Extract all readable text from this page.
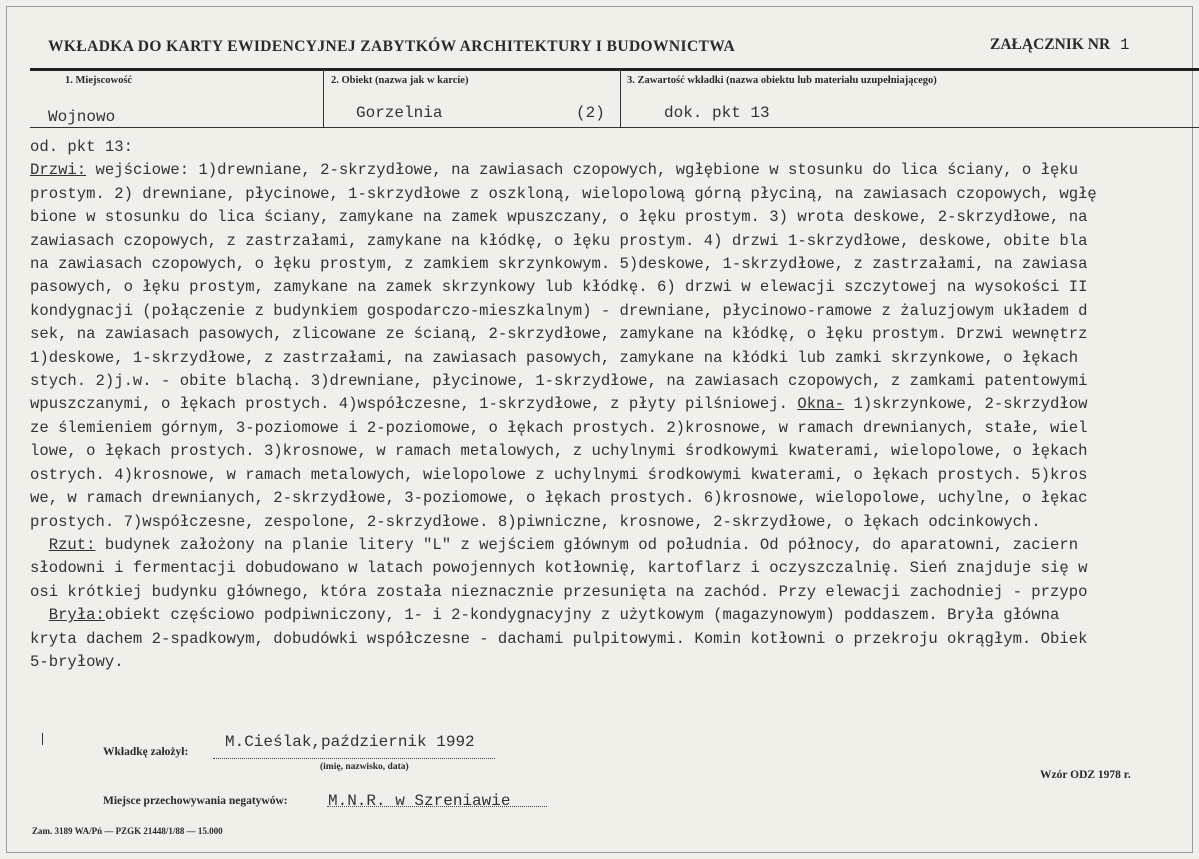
WKŁADKA DO KARTY EWIDENCYJNEJ ZABYTKÓW ARCHITEKTURY I BUDOWNICTWA	ZAŁĄCZNIK NR 1
1. Miejscowość	2. Obiekt (nazwa jak w karcie)	3. Zawartość wkładki (nazwa obiektu lub materiału uzupełniającego)
Wojnowo	Gorzelnia	(2)	dok. pkt 13
od. pkt 13:
Drzwi: wejściowe: 1)drewniane, 2-skrzydłowe, na zawiasach czopowych, wgłębione w stosunku do lica ściany, o łęku
prostym. 2) drewniane, płycinowe, 1-skrzydłowe z oszkloną, wielopolową górną płyciną, na zawiasach czopowych, wgłę
bione w stosunku do lica ściany, zamykane na zamek wpuszczany, o łęku prostym. 3) wrota deskowe, 2-skrzydłowe, na
zawiasach czopowych, z zastrzałami, zamykane na kłódkę, o łęku prostym. 4) drzwi 1-skrzydłowe, deskowe, obite bla
na zawiasach czopowych, o łęku prostym, z zamkiem skrzynkowym. 5)deskowe, 1-skrzydłowe, z zastrzałami, na zawiasa
pasowych, o łęku prostym, zamykane na zamek skrzynkowy lub kłódkę. 6) drzwi w elewacji szczytowej na wysokości II
kondygnacji (połączenie z budynkiem gospodarczo-mieszkalnym) - drewniane, płycinowo-ramowe z żaluzjowym układem d
sek, na zawiasach pasowych, zlicowane ze ścianą, 2-skrzydłowe, zamykane na kłódkę, o łęku prostym. Drzwi wewnętrz
1)deskowe, 1-skrzydłowe, z zastrzałami, na zawiasach pasowych, zamykane na kłódki lub zamki skrzynkowe, o łękach
stych. 2)j.w. - obite blachą. 3)drewniane, płycinowe, 1-skrzydłowe, na zawiasach czopowych, z zamkami patentowymi
wpuszczanymi, o łękach prostych. 4)współczesne, 1-skrzydłowe, z płyty pilśniowej. Okna- 1)skrzynkowe, 2-skrzydłow
ze ślemieniem górnym, 3-poziomowe i 2-poziomowe, o łękach prostych. 2)krosnowe, w ramach drewnianych, stałe, wiel
lowe, o łękach prostych. 3)krosnowe, w ramach metalowych, z uchylnymi środkowymi kwaterami, wielopolowe, o łękach
ostrych. 4)krosnowe, w ramach metalowych, wielopolowe z uchylnymi środkowymi kwaterami, o łękach prostych. 5)kros
we, w ramach drewnianych, 2-skrzydłowe, 3-poziomowe, o łękach prostych. 6)krosnowe, wielopolowe, uchylne, o łękac
prostych. 7)współczesne, zespolone, 2-skrzydłowe. 8)piwniczne, krosnowe, 2-skrzydłowe, o łękach odcinkowych.
Rzut: budynek założony na planie litery "L" z wejściem głównym od południa. Od północy, do aparatowni, zaciern
słodowni i fermentacji dobudowano w latach powojennych kotłownię, kartoflarz i oczyszczalnię. Sień znajduje się w
osi krótkiej budynku głównego, która została nieznacznie przesunięta na zachód. Przy elewacji zachodniej - przypo
Bryła:obiekt częściowo podpiwniczony, 1- i 2-kondygnacyjny z użytkowym (magazynowym) poddaszem. Bryła główna
kryta dachem 2-spadkowym, dobudówki współczesne - dachami pulpitowymi. Komin kotłowni o przekroju okrągłym. Obiek
5-bryłowy.
Wkładkę założył:
M.Cieślak,październik 1992
(imię, nazwisko, data)
Wzór ODZ 1978 r.
Miejsce przechowywania negatywów:	M.N.R. w Szreniawie
Zam. 3189 WA/Pń — PZGK 21448/1/88 — 15.000
